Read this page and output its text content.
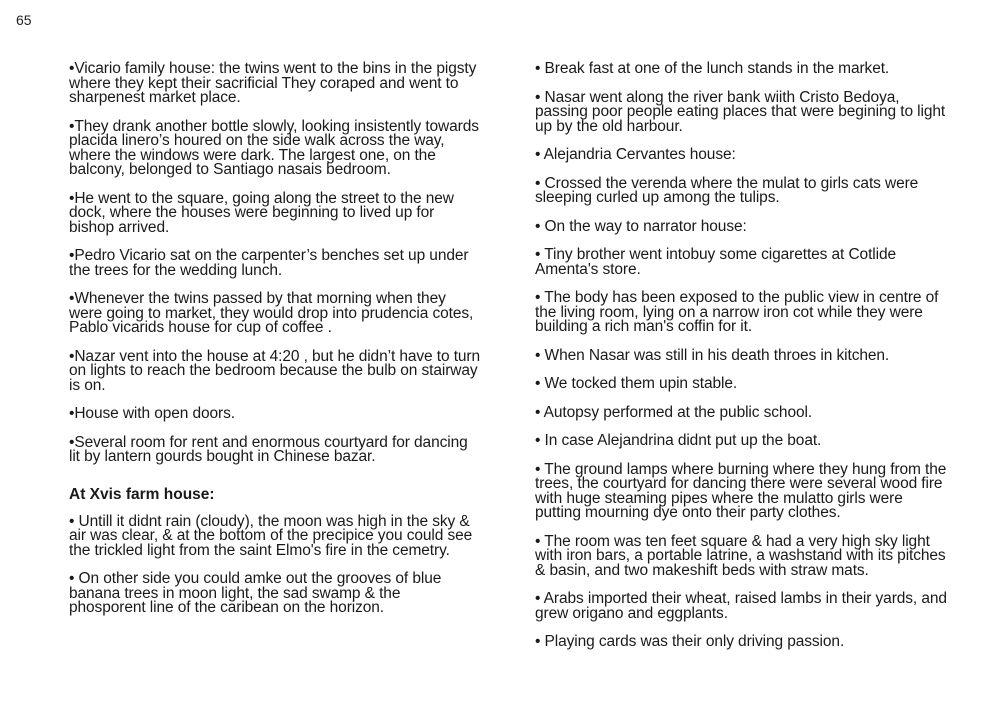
65

•Vicario family house: the twins went to the bins in the pigsty where they kept their sacrificial They coraped and went to sharpenest market place.

•They drank another bottle slowly, looking insistently towards placida linero’s houred on the side walk across the way, where the windows were dark. The largest one, on the balcony, belonged to Santiago nasais bedroom.

•He went to the square, going along the street to the new dock, where the houses were beginning to lived up for bishop arrived.

•Pedro Vicario sat on the carpenter’s benches set up under the trees for the wedding lunch.

•Whenever the twins passed by that morning when they were going to market, they would drop into prudencia cotes, Pablo vicarids house for cup of coffee .

•Nazar vent into the house at 4:20 , but he didn’t have to turn on lights to reach the bedroom because the bulb on stairway is on.

•House with open doors.

•Several room for rent and enormous courtyard for dancing lit by lantern gourds bought in Chinese bazar.

At Xvis farm house:

• Untill it didnt rain (cloudy), the moon was high in the sky & air was clear, & at the bottom of the precipice you could see the trickled light from the saint Elmo's fire in the cemetry.

• On other side you could amke out the grooves of blue banana trees in moon light, the sad swamp & the phosporent line of the caribean on the horizon.

• Break fast at one of the lunch stands in the market.

• Nasar went along the river bank wiith Cristo Bedoya, passing poor people eating places that were begining to light up by the old harbour.

• Alejandria Cervantes house:

• Crossed the verenda where the mulat to girls cats were sleeping curled up among the tulips.

• On the way to narrator house:

• Tiny brother went intobuy some cigarettes at Cotlide Amenta's store.

• The body has been exposed to the public view in centre of the living room, lying on a narrow iron cot while they were building a rich man's coffin for it.

• When Nasar was still in his death throes in kitchen.

• We tocked them upin stable.

• Autopsy performed at the public school.

• In case Alejandrina didnt put up the boat.

• The ground lamps where burning where they hung from the trees, the courtyard for dancing there were several wood fire with huge steaming pipes where the mulatto girls were putting mourning dye onto their party clothes.

• The room was ten feet square & had a very high sky light with iron bars, a portable latrine, a washstand with its pitches & basin, and two makeshift beds with straw mats.

• Arabs imported their wheat, raised lambs in their yards, and grew origano and eggplants.

• Playing cards was their only driving passion.
